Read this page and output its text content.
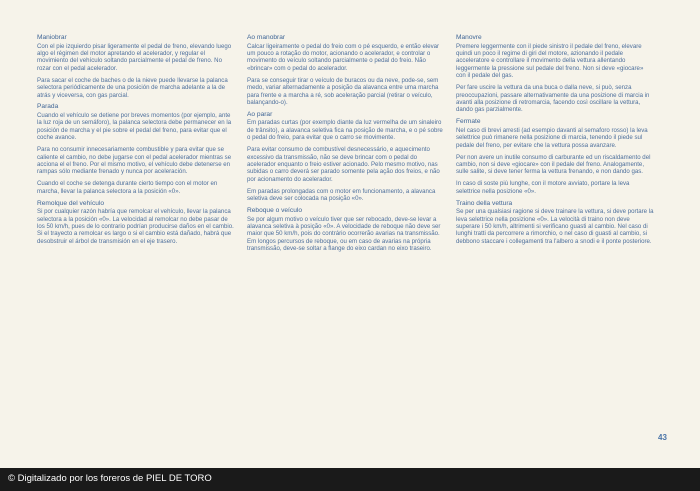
Maniobrar

Con el pie izquierdo pisar ligeramente el pedal de freno, elevando luego algo el régimen del motor apretando el acelerador, y regular el movimiento del vehículo soltando parcialmente el pedal de freno. No rozar con el pedal acelerador.

Para sacar el coche de baches o de la nieve puede llevarse la palanca selectora periódicamente de una posición de marcha adelante a la de atrás y viceversa, con gas parcial.

Parada

Cuando el vehículo se detiene por breves momentos (por ejemplo, ante la luz roja de un semáforo), la palanca selectora debe permanecer en la posición de marcha y el pie sobre el pedal del freno, para evitar que el coche avance.

Para no consumir innecesariamente combustible y para evitar que se caliente el cambio, no debe jugarse con el pedal acelerador mientras se acciona el el freno. Por el mismo motivo, el vehículo debe detenerse en rampas sólo mediante frenado y nunca por aceleración.

Cuando el coche se detenga durante cierto tiempo con el motor en marcha, llevar la palanca selectora a la posición «0».

Remolque del vehículo

Si por cualquier razón habría que remolcar el vehículo, llevar la palanca selectora a la posición «0». La velocidad al remolcar no debe pasar de los 50 km/h, pues de lo contrario podrían producirse daños en el cambio. Si el trayecto a remolcar es largo o si el cambio está dañado, habrá que desobstruir el árbol de transmisión en el eje trasero.

Ao manobrar

Calcar ligeiramente o pedal do freio com o pé esquerdo, e então elevar um pouco a rotação do motor, acionando o acelerador, e controlar o movimento do veículo soltando parcialmente o pedal do freio. Não «brincar» com o pedal do acelerador.

Para se conseguir tirar o veículo de buracos ou da neve, pode-se, sem medo, variar alternadamente a posição da alavanca entre uma marcha para frente e a marcha a ré, sob aceleração parcial (retirar o veículo, balançando-o).

Ao parar

Em paradas curtas (por exemplo diante da luz vermelha de um sinaleiro de trânsito), a alavanca seletiva fica na posição de marcha, e o pé sobre o pedal do freio, para evitar que o carro se movimente.

Para evitar consumo de combustível desnecessário, e aquecimento excessivo da transmissão, não se deve brincar com o pedal do acelerador enquanto o freio estiver acionado. Pelo mesmo motivo, nas subidas o carro deverá ser parado somente pela ação dos freios, e não por acionamento do acelerador.

Em paradas prolongadas com o motor em funcionamento, a alavanca seletiva deve ser colocada na posição «0».

Reboque o veículo

Se por algum motivo o veículo tiver que ser rebocado, deve-se levar a alavanca seletiva à posição «0». A velocidade de reboque não deve ser maior que 50 km/h, pois do contrário ocorrerão avarias na transmissão. Em longos percursos de reboque, ou em caso de avarias na própria transmissão, deve-se soltar a flange do eixo cardan no eixo traseiro.

Manovre

Premere leggermente con il piede sinistro il pedale del freno, elevare quindi un poco il regime di giri del motore, azionando il pedale acceleratore e controllare il movimento della vettura allentando leggermente la pressione sul pedale del freno. Non si deve «giocare» con il pedale del gas.

Per fare uscire la vettura da una buca o dalla neve, si può, senza preoccupazioni, passare alternativamente da una posizione di marcia in avanti alla posizione di retromarcia, facendo così oscillare la vettura, dando gas parzialmente.

Fermate

Nel caso di brevi arresti (ad esempio davanti al semaforo rosso) la leva selettrice può rimanere nella posizione di marcia, tenendo il piede sul pedale del freno, per evitare che la vettura possa avanzare.

Per non avere un inutile consumo di carburante ed un riscaldamento del cambio, non si deve «giocare» con il pedale del freno. Analogamente, sulle salite, si deve tener ferma la vettura frenando, e non dando gas.

In caso di soste più lunghe, con il motore avviato, portare la leva selettrice nella posizione «0».

Traino della vettura

Se per una qualsiasi ragione si deve trainare la vettura, si deve portare la leva selettrice nella posizione «0». La velocità di traino non deve superare i 50 km/h, altrimenti si verificano guasti al cambio. Nel caso di lunghi tratti da percorrere a rimorchio, o nel caso di guasti al cambio, si debbono staccare i collegamenti tra l'albero a snodi e il ponte posteriore.

43
© Digitalizado por los foreros de PIEL DE TORO
